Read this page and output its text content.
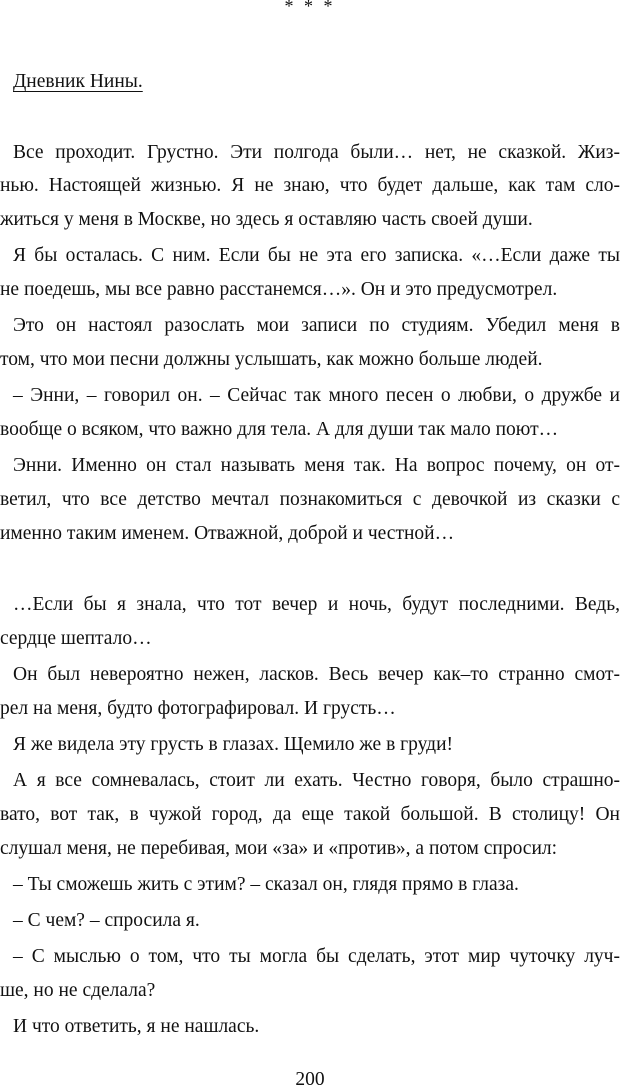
* * *
Дневник Нины.
Все проходит. Грустно. Эти полгода были… нет, не сказкой. Жиз-
нью. Настоящей жизнью. Я не знаю, что будет дальше, как там сло-
житься у меня в Москве, но здесь я оставляю часть своей души.
Я бы осталась. С ним. Если бы не эта его записка. «…Если даже ты
не поедешь, мы все равно расстанемся…». Он и это предусмотрел.
Это он настоял разослать мои записи по студиям. Убедил меня в
том, что мои песни должны услышать, как можно больше людей.
– Энни, – говорил он. – Сейчас так много песен о любви, о дружбе и
вообще о всяком, что важно для тела. А для души так мало поют…
Энни. Именно он стал называть меня так. На вопрос почему, он от-
ветил, что все детство мечтал познакомиться с девочкой из сказки с
именно таким именем. Отважной, доброй и честной…
…Если бы я знала, что тот вечер и ночь, будут последними. Ведь,
сердце шептало…
Он был невероятно нежен, ласков. Весь вечер как–то странно смот-
рел на меня, будто фотографировал. И грусть…
Я же видела эту грусть в глазах. Щемило же в груди!
А я все сомневалась, стоит ли ехать. Честно говоря, было страшно-
вато, вот так, в чужой город, да еще такой большой. В столицу! Он
слушал меня, не перебивая, мои «за» и «против», а потом спросил:
– Ты сможешь жить с этим? – сказал он, глядя прямо в глаза.
– С чем? – спросила я.
– С мыслью о том, что ты могла бы сделать, этот мир чуточку луч-
ше, но не сделала?
И что ответить, я не нашлась.
200
